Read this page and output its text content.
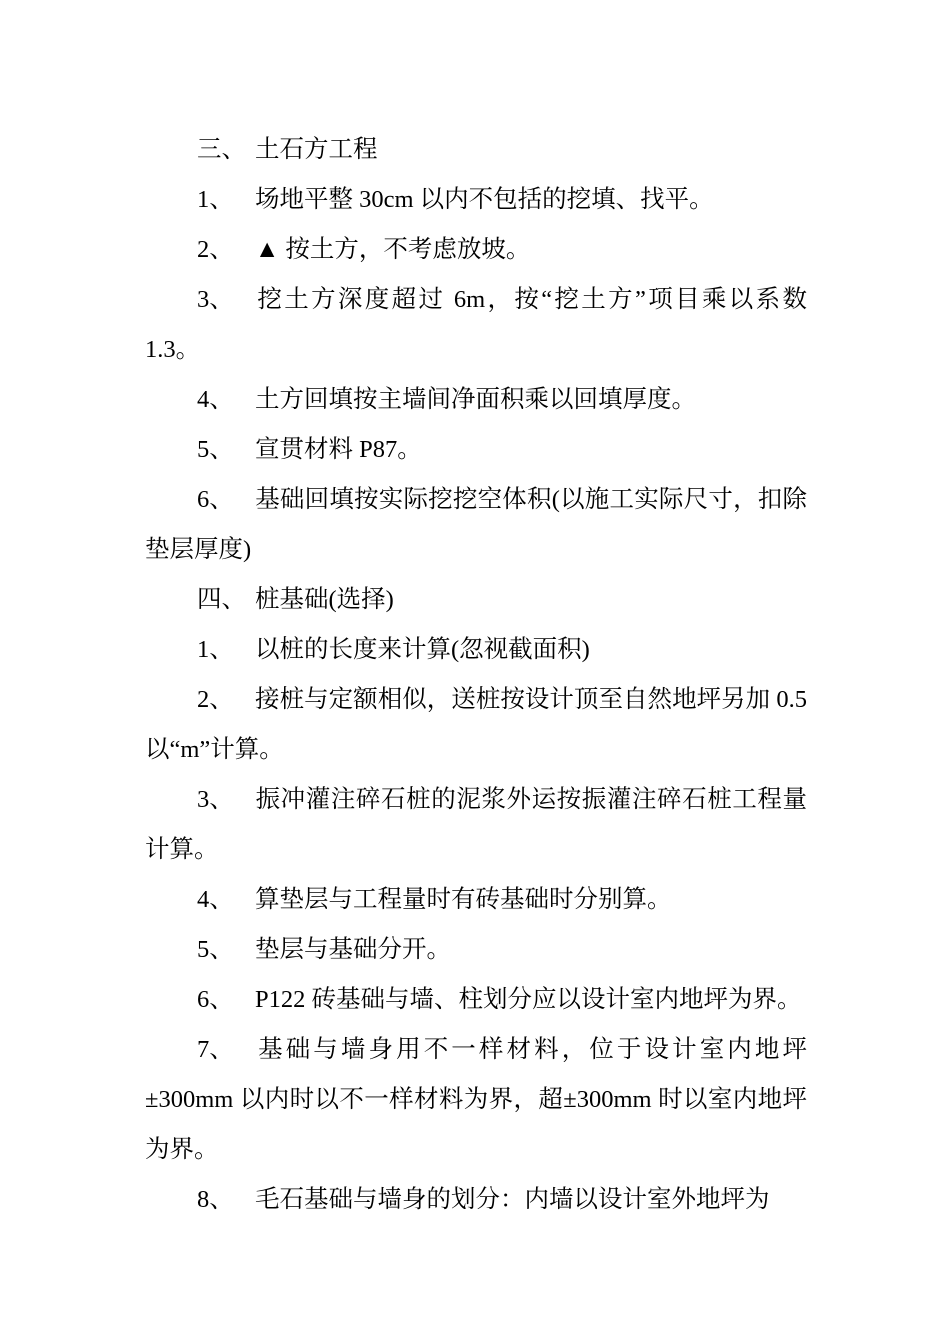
三、 土石方工程

1、 场地平整 30cm 以内不包括的挖填、找平。

2、 ▲ 按土方，不考虑放坡。

3、 挖土方深度超过 6m，按“挖土方”项目乘以系数 1.3。

4、 土方回填按主墙间净面积乘以回填厚度。

5、 宣贯材料 P87。

6、 基础回填按实际挖挖空体积(以施工实际尺寸，扣除垫层厚度)

四、 桩基础(选择)

1、 以桩的长度来计算(忽视截面积)

2、 接桩与定额相似，送桩按设计顶至自然地坪另加 0.5 以“m”计算。

3、 振冲灌注碎石桩的泥浆外运按振灌注碎石桩工程量计算。

4、 算垫层与工程量时有砖基础时分别算。

5、 垫层与基础分开。

6、 P122 砖基础与墙、柱划分应以设计室内地坪为界。

7、 基础与墙身用不一样材料，位于设计室内地坪 ±300mm 以内时以不一样材料为界，超±300mm 时以室内地坪为界。

8、 毛石基础与墙身的划分：内墙以设计室外地坪为
